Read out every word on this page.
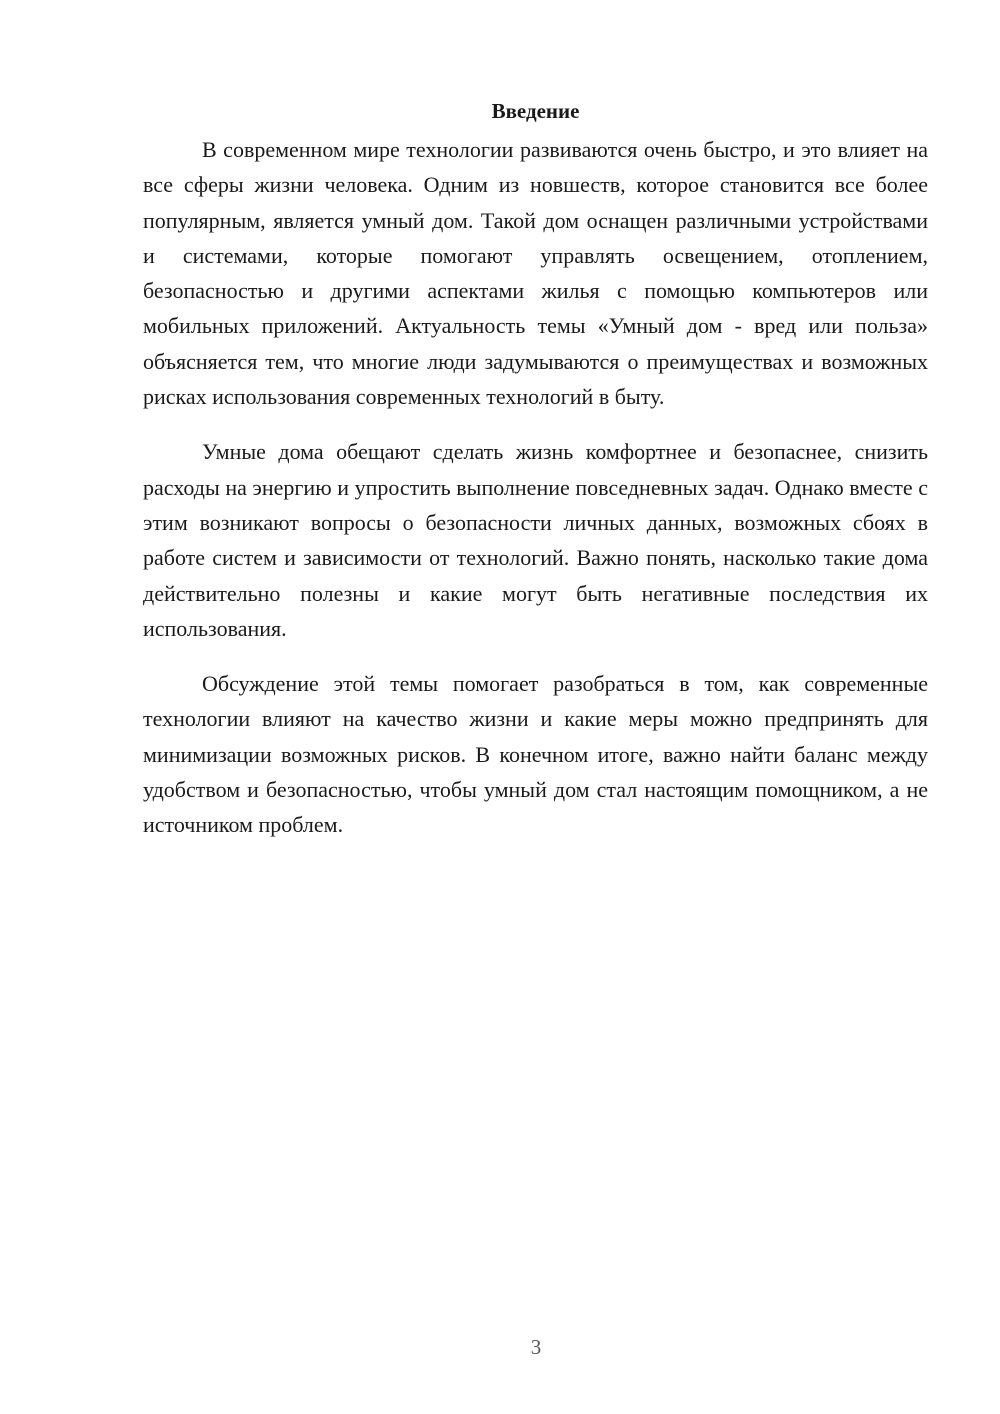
Введение

В современном мире технологии развиваются очень быстро, и это влияет на все сферы жизни человека. Одним из новшеств, которое становится все более популярным, является умный дом. Такой дом оснащен различными устройствами и системами, которые помогают управлять освещением, отоплением, безопасностью и другими аспектами жилья с помощью компьютеров или мобильных приложений. Актуальность темы «Умный дом - вред или польза» объясняется тем, что многие люди задумываются о преимуществах и возможных рисках использования современных технологий в быту.

Умные дома обещают сделать жизнь комфортнее и безопаснее, снизить расходы на энергию и упростить выполнение повседневных задач. Однако вместе с этим возникают вопросы о безопасности личных данных, возможных сбоях в работе систем и зависимости от технологий. Важно понять, насколько такие дома действительно полезны и какие могут быть негативные последствия их использования.

Обсуждение этой темы помогает разобраться в том, как современные технологии влияют на качество жизни и какие меры можно предпринять для минимизации возможных рисков. В конечном итоге, важно найти баланс между удобством и безопасностью, чтобы умный дом стал настоящим помощником, а не источником проблем.

3
